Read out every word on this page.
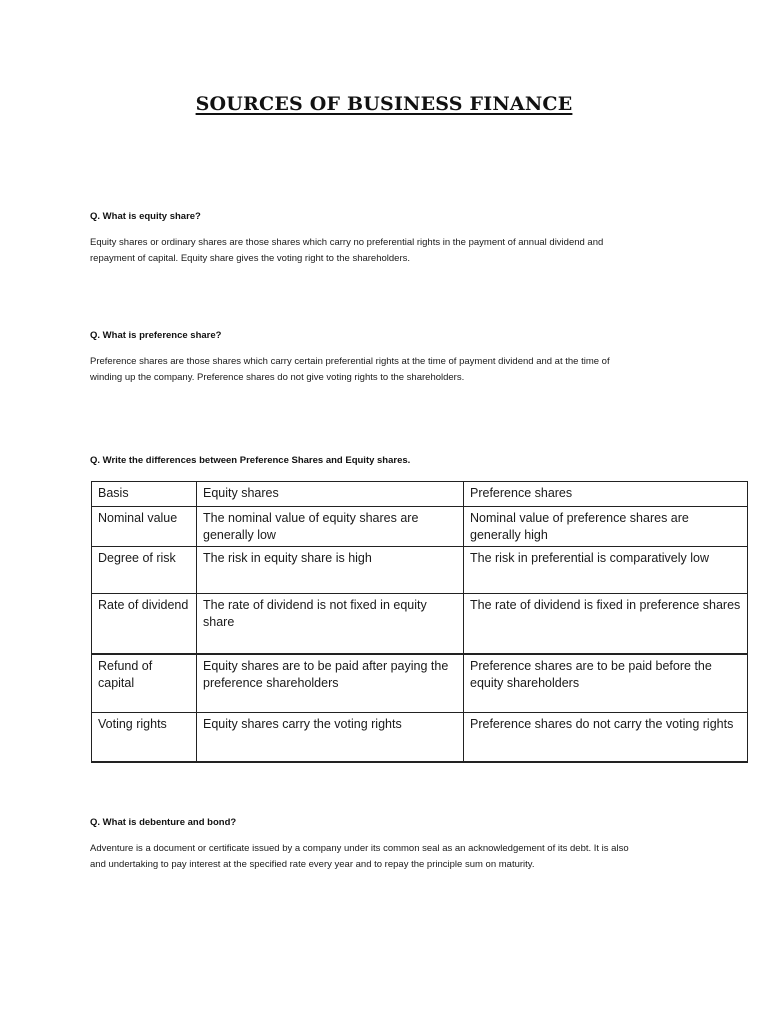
SOURCES OF BUSINESS FINANCE
Q. What is equity share?
Equity shares or ordinary shares are those shares which carry no preferential rights in the payment of annual dividend and
repayment of capital. Equity share gives the voting right to the shareholders.
Q. What is preference share?
Preference shares are those shares which carry certain preferential rights at the time of payment dividend and at the time of
winding up the company. Preference shares do not give voting rights to the shareholders.
Q. Write the differences between Preference Shares and Equity shares.
Basis	Equity shares	Preference shares
Nominal value	The nominal value of equity shares are generally low	Nominal value of preference shares are generally high
Degree of risk	The risk in equity share is high	The risk in preferential is comparatively low
Rate of dividend	The rate of dividend is not fixed in equity share	The rate of dividend is fixed in preference shares
Refund of capital	Equity shares are to be paid after paying the preference shareholders	Preference shares are to be paid before the equity shareholders
Voting rights	Equity shares carry the voting rights	Preference shares do not carry the voting rights
Q. What is debenture and bond?
Adventure is a document or certificate issued by a company under its common seal as an acknowledgement of its debt. It is also
and undertaking to pay interest at the specified rate every year and to repay the principle sum on maturity.
